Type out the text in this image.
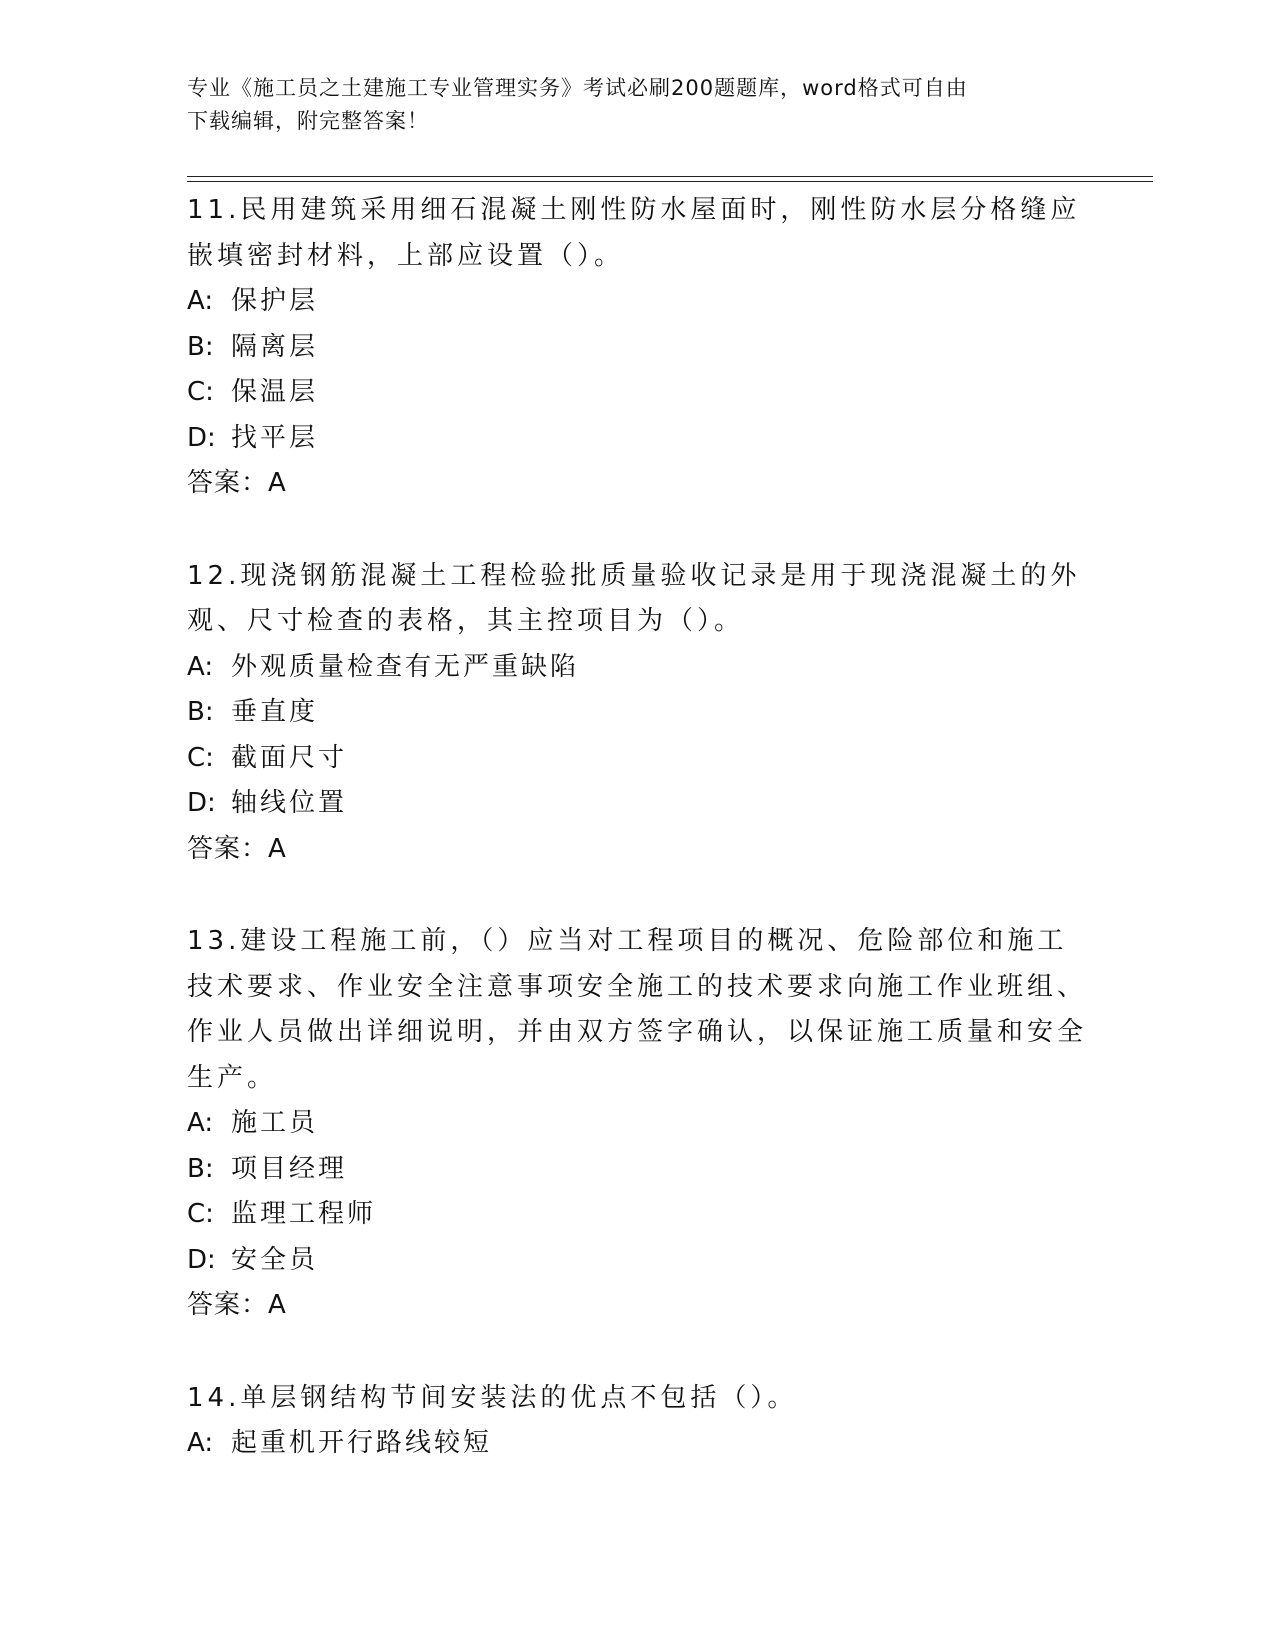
专业《施工员之土建施工专业管理实务》考试必刷200题题库，word格式可自由
下载编辑，附完整答案！

11.民用建筑采用细石混凝土刚性防水屋面时，刚性防水层分格缝应嵌填密封材料，上部应设置（）。

A: 保护层

B: 隔离层

C: 保温层

D: 找平层

答案：A

12.现浇钢筋混凝土工程检验批质量验收记录是用于现浇混凝土的外观、尺寸检查的表格，其主控项目为（）。

A: 外观质量检查有无严重缺陷

B: 垂直度

C: 截面尺寸

D: 轴线位置

答案：A

13.建设工程施工前，（）应当对工程项目的概况、危险部位和施工技术要求、作业安全注意事项安全施工的技术要求向施工作业班组、作业人员做出详细说明，并由双方签字确认，以保证施工质量和安全生产。

A: 施工员

B: 项目经理

C: 监理工程师

D: 安全员

答案：A

14.单层钢结构节间安装法的优点不包括（）。

A: 起重机开行路线较短
